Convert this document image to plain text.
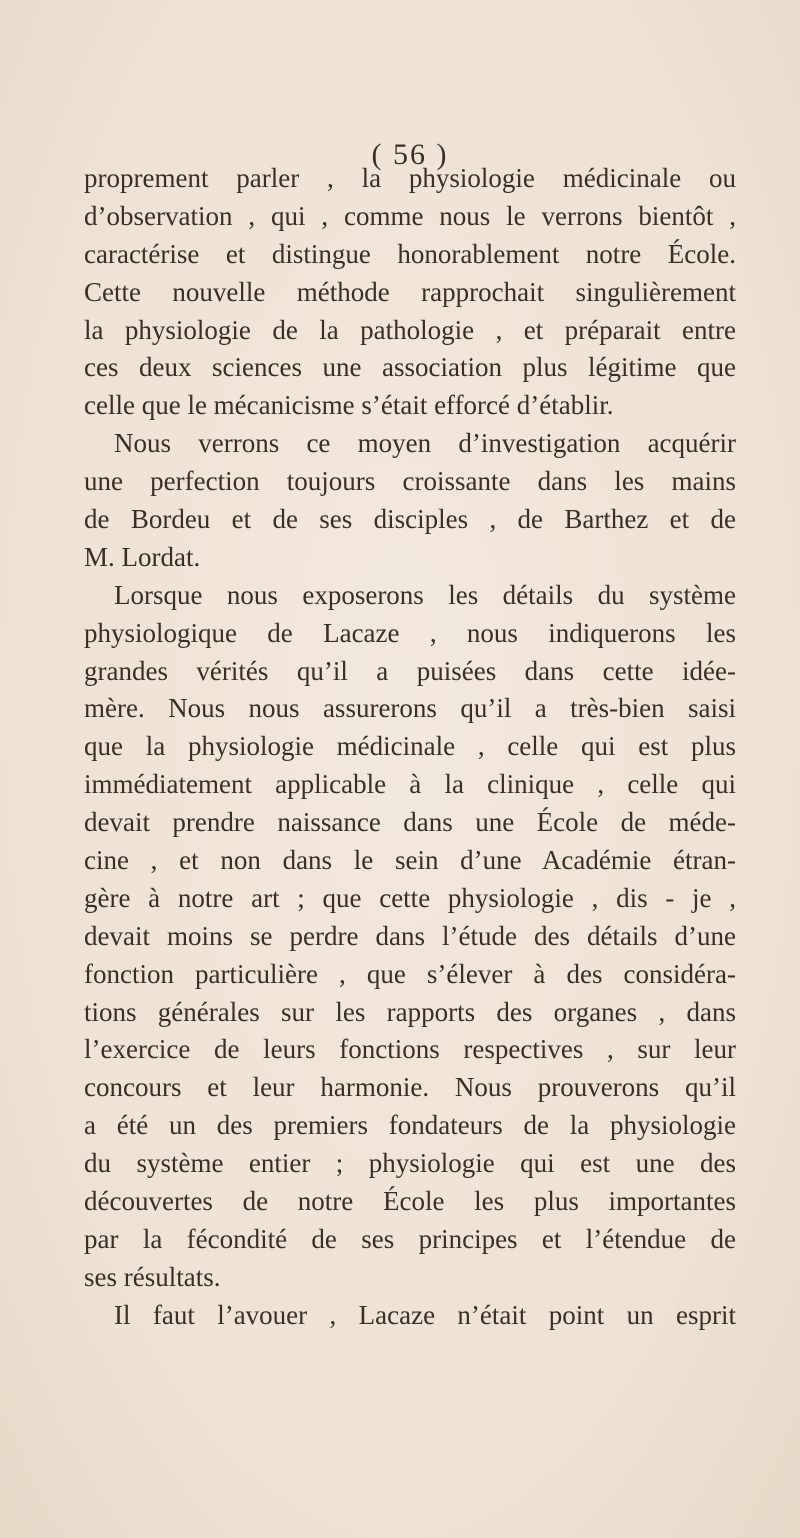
( 56 )
proprement parler , la physiologie médicinale ou
d’observation , qui , comme nous le verrons bientôt ,
caractérise et distingue honorablement notre École.
Cette nouvelle méthode rapprochait singulièrement
la physiologie de la pathologie , et préparait entre
ces deux sciences une association plus légitime que
celle que le mécanicisme s’était efforcé d’établir.
Nous verrons ce moyen d’investigation acquérir
une perfection toujours croissante dans les mains
de Bordeu et de ses disciples , de Barthez et de
M. Lordat.
Lorsque nous exposerons les détails du système
physiologique de Lacaze , nous indiquerons les
grandes vérités qu’il a puisées dans cette idée-
mère. Nous nous assurerons qu’il a très-bien saisi
que la physiologie médicinale , celle qui est plus
immédiatement applicable à la clinique , celle qui
devait prendre naissance dans une École de méde-
cine , et non dans le sein d’une Académie étran-
gère à notre art ; que cette physiologie , dis - je ,
devait moins se perdre dans l’étude des détails d’une
fonction particulière , que s’élever à des considéra-
tions générales sur les rapports des organes , dans
l’exercice de leurs fonctions respectives , sur leur
concours et leur harmonie. Nous prouverons qu’il
a été un des premiers fondateurs de la physiologie
du système entier ; physiologie qui est une des
découvertes de notre École les plus importantes
par la fécondité de ses principes et l’étendue de
ses résultats.
Il faut l’avouer , Lacaze n’était point un esprit
